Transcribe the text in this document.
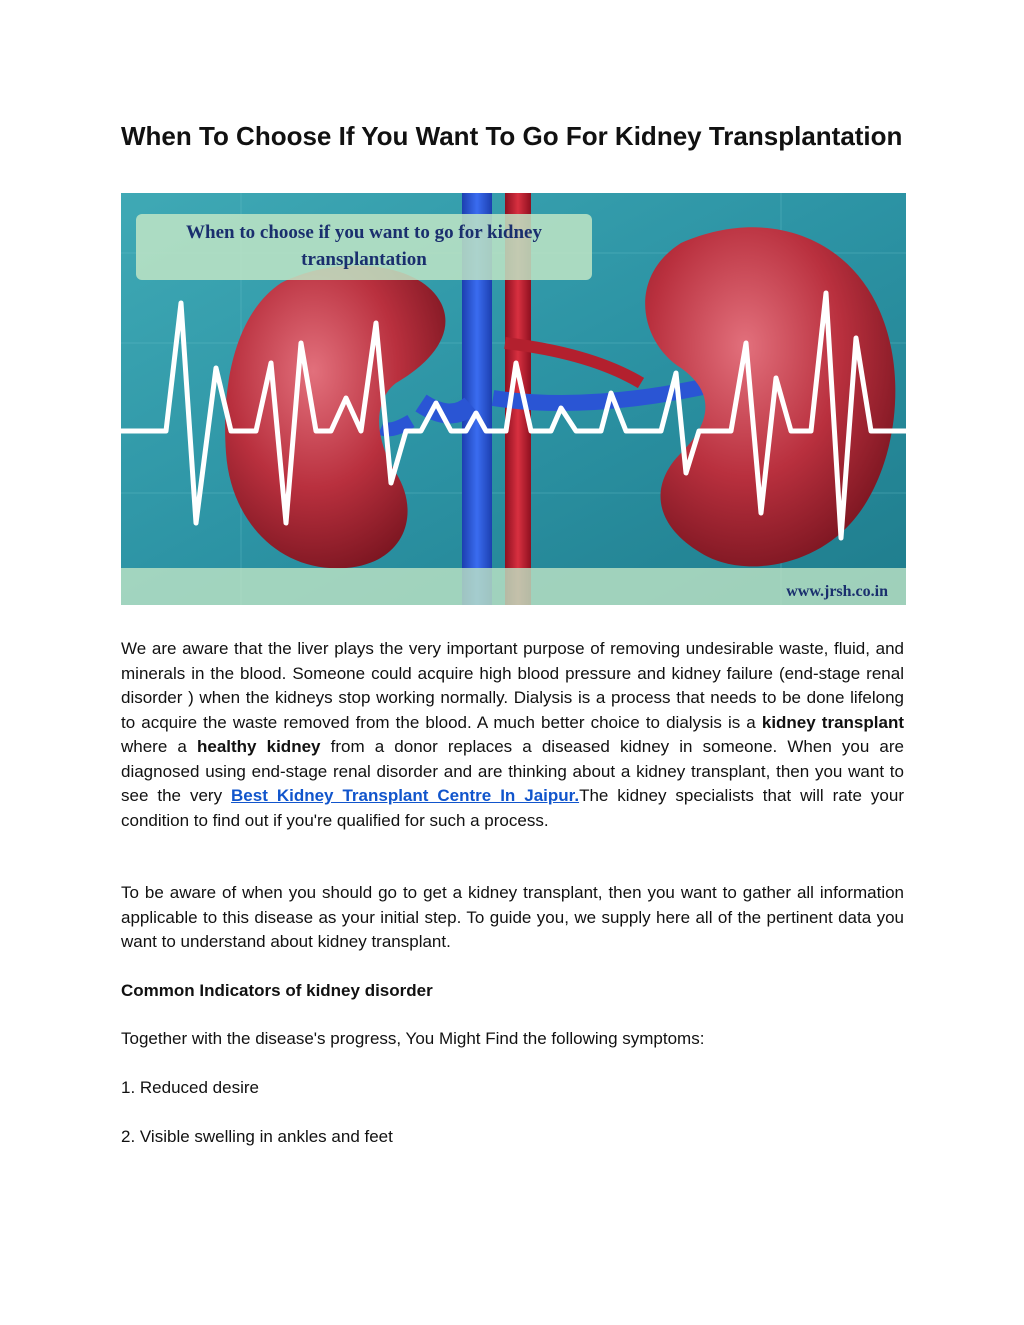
When To Choose If You Want To Go For Kidney Transplantation
When to choose if you want to go for kidney
transplantation
www.jrsh.co.in

We are aware that the liver plays the very important purpose of removing undesirable waste, fluid, and minerals in the blood. Someone could acquire high blood pressure and kidney failure (end-stage renal disorder ) when the kidneys stop working normally. Dialysis is a process that needs to be done lifelong to acquire the waste removed from the blood. A much better choice to dialysis is a kidney transplant where a healthy kidney from a donor replaces a diseased kidney in someone. When you are diagnosed using end-stage renal disorder and are thinking about a kidney transplant, then you want to see the very Best Kidney Transplant Centre In Jaipur.The kidney specialists that will rate your condition to find out if you're qualified for such a process.

To be aware of when you should go to get a kidney transplant, then you want to gather all information applicable to this disease as your initial step. To guide you, we supply here all of the pertinent data you want to understand about kidney transplant.

Common Indicators of kidney disorder

Together with the disease's progress, You Might Find the following symptoms:

1. Reduced desire

2. Visible swelling in ankles and feet
